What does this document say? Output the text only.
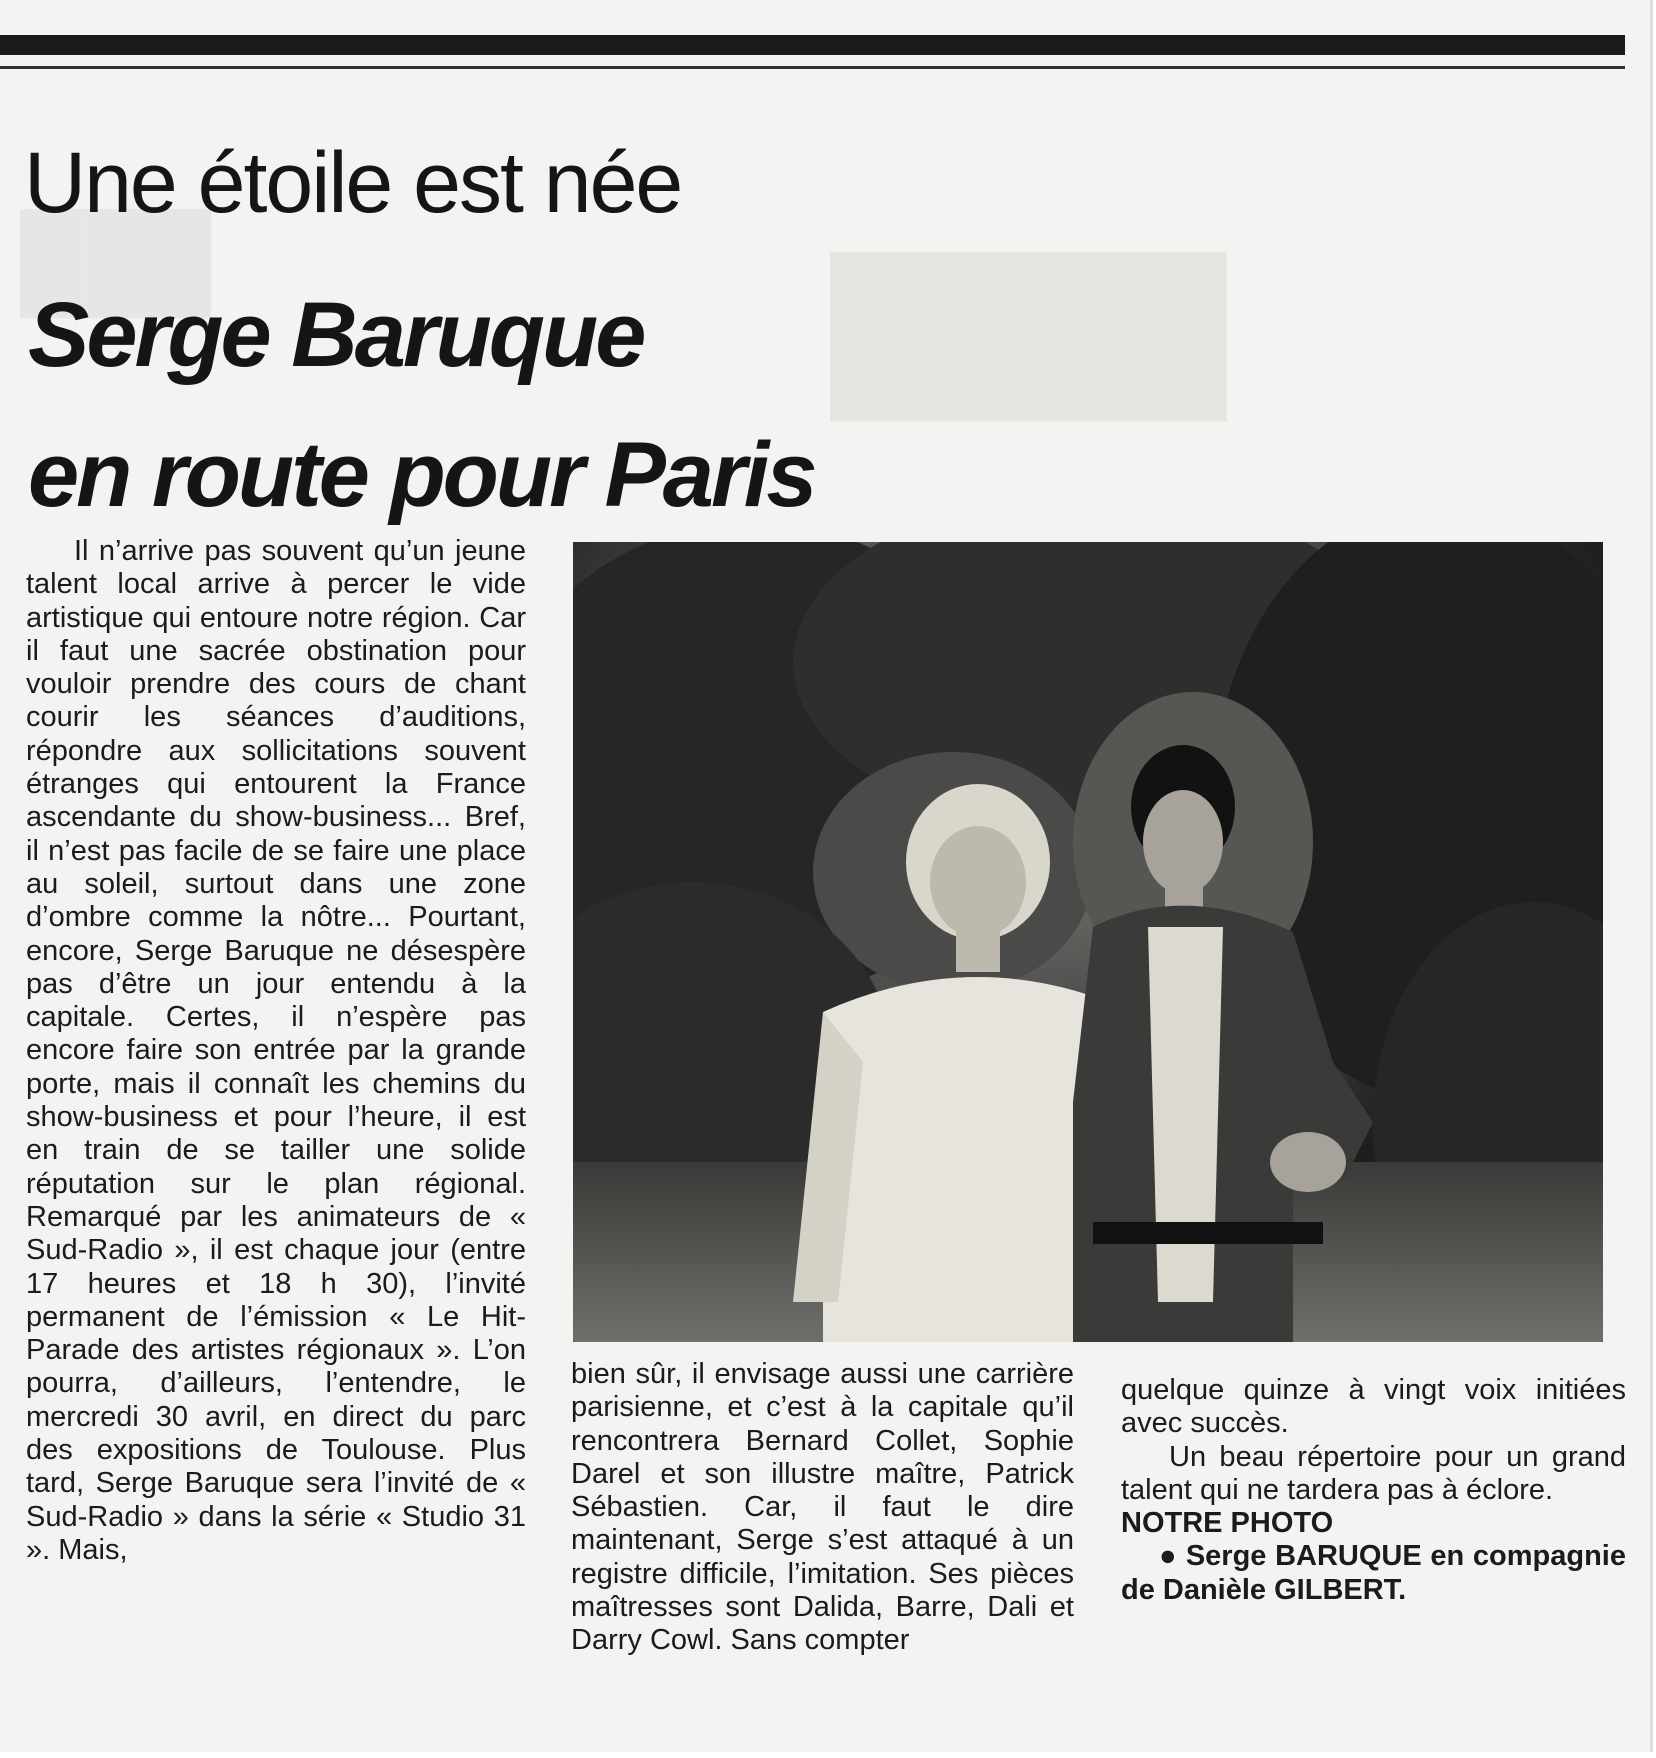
████
███
Une étoile est née
Serge Baruque
en route pour Paris

Il n’arrive pas souvent qu’un jeune talent local arrive à percer le vide artistique qui entoure notre région. Car il faut une sacrée obstination pour vouloir prendre des cours de chant courir les séances d’auditions, répondre aux sollicitations souvent étranges qui entourent la France ascendante du show-business... Bref, il n’est pas facile de se faire une place au soleil, surtout dans une zone d’ombre comme la nôtre... Pourtant, encore, Serge Baruque ne désespère pas d’être un jour entendu à la capitale. Certes, il n’espère pas encore faire son entrée par la grande porte, mais il connaît les chemins du show-business et pour l’heure, il est en train de se tailler une solide réputation sur le plan régional. Remarqué par les animateurs de « Sud-Radio », il est chaque jour (entre 17 heures et 18 h 30), l’invité permanent de l’émission « Le Hit-Parade des artistes régionaux ». L’on pourra, d’ailleurs, l’entendre, le mercredi 30 avril, en direct du parc des expositions de Toulouse. Plus tard, Serge Baruque sera l’invité de « Sud-Radio » dans la série « Studio 31 ». Mais,

bien sûr, il envisage aussi une carrière parisienne, et c’est à la capitale qu’il rencontrera Bernard Collet, Sophie Darel et son illustre maître, Patrick Sébastien. Car, il faut le dire maintenant, Serge s’est attaqué à un registre difficile, l’imitation. Ses pièces maîtresses sont Dalida, Barre, Dali et Darry Cowl. Sans compter

quelque quinze à vingt voix initiées avec succès.

Un beau répertoire pour un grand talent qui ne tardera pas à éclore.

NOTRE PHOTO

● Serge BARUQUE en compagnie de Danièle GILBERT.
